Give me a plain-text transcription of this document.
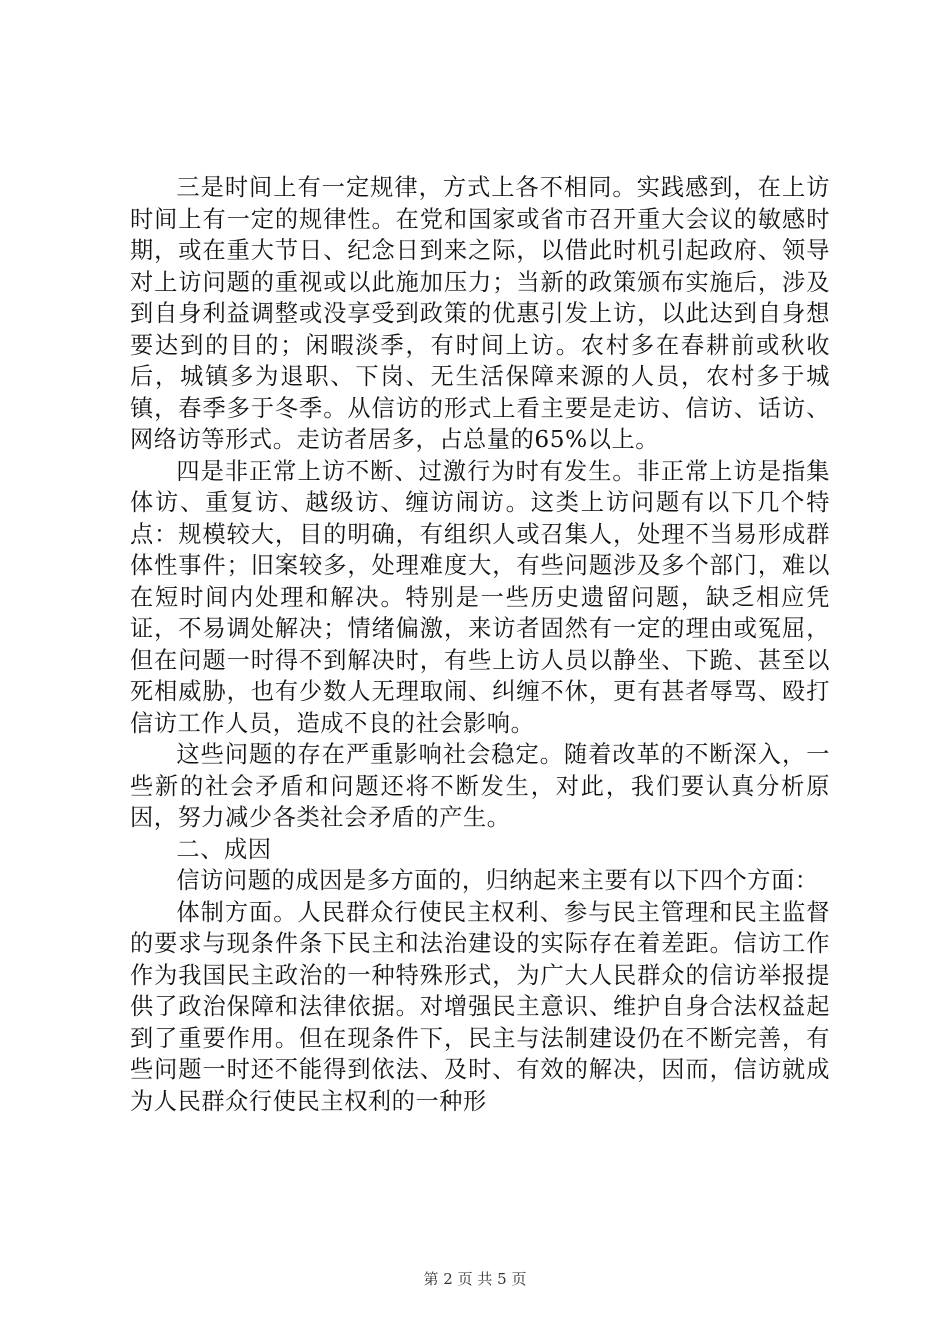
三是时间上有一定规律，方式上各不相同。实践感到，在上访时间上有一定的规律性。在党和国家或省市召开重大会议的敏感时期，或在重大节日、纪念日到来之际，以借此时机引起政府、领导对上访问题的重视或以此施加压力；当新的政策颁布实施后，涉及到自身利益调整或没享受到政策的优惠引发上访，以此达到自身想要达到的目的；闲暇淡季，有时间上访。农村多在春耕前或秋收后，城镇多为退职、下岗、无生活保障来源的人员，农村多于城镇，春季多于冬季。从信访的形式上看主要是走访、信访、话访、网络访等形式。走访者居多，占总量的65%以上。

四是非正常上访不断、过激行为时有发生。非正常上访是指集体访、重复访、越级访、缠访闹访。这类上访问题有以下几个特点：规模较大，目的明确，有组织人或召集人，处理不当易形成群体性事件；旧案较多，处理难度大，有些问题涉及多个部门，难以在短时间内处理和解决。特别是一些历史遗留问题，缺乏相应凭证，不易调处解决；情绪偏激，来访者固然有一定的理由或冤屈，但在问题一时得不到解决时，有些上访人员以静坐、下跪、甚至以死相威胁，也有少数人无理取闹、纠缠不休，更有甚者辱骂、殴打信访工作人员，造成不良的社会影响。

这些问题的存在严重影响社会稳定。随着改革的不断深入，一些新的社会矛盾和问题还将不断发生，对此，我们要认真分析原因，努力减少各类社会矛盾的产生。

二、成因

信访问题的成因是多方面的，归纳起来主要有以下四个方面：

体制方面。人民群众行使民主权利、参与民主管理和民主监督的要求与现条件条下民主和法治建设的实际存在着差距。信访工作作为我国民主政治的一种特殊形式，为广大人民群众的信访举报提供了政治保障和法律依据。对增强民主意识、维护自身合法权益起到了重要作用。但在现条件下，民主与法制建设仍在不断完善，有些问题一时还不能得到依法、及时、有效的解决，因而，信访就成为人民群众行使民主权利的一种形

第 2 页 共 5 页
